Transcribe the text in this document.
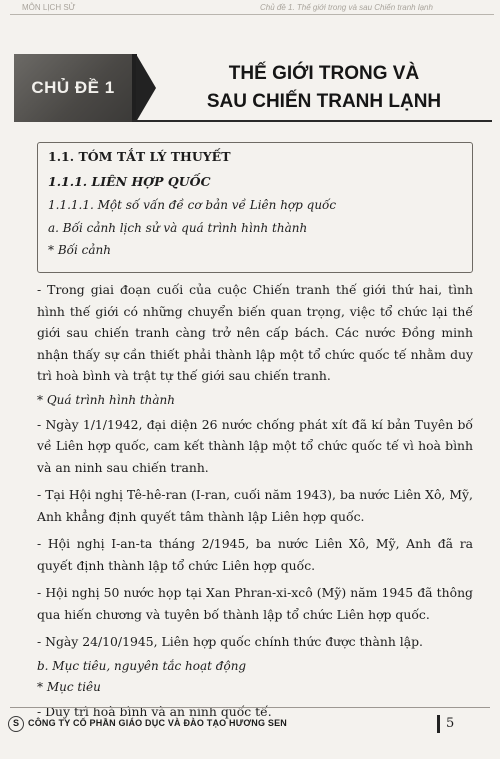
MÔN LỊCH SỬ	Chủ đề 1. Thế giới trong và sau Chiến tranh lạnh
CHỦ ĐỀ 1
THẾ GIỚI TRONG VÀ
SAU CHIẾN TRANH LẠNH
1.1. TÓM TẮT LÝ THUYẾT
1.1.1. LIÊN HỢP QUỐC
1.1.1.1. Một số vấn đề cơ bản về Liên hợp quốc
a. Bối cảnh lịch sử và quá trình hình thành
* Bối cảnh

- Trong giai đoạn cuối của cuộc Chiến tranh thế giới thứ hai, tình hình thế giới có những chuyển biến quan trọng, việc tổ chức lại thế giới sau chiến tranh càng trở nên cấp bách. Các nước Đồng minh nhận thấy sự cần thiết phải thành lập một tổ chức quốc tế nhằm duy trì hoà bình và trật tự thế giới sau chiến tranh.

* Quá trình hình thành

- Ngày 1/1/1942, đại diện 26 nước chống phát xít đã kí bản Tuyên bố về Liên hợp quốc, cam kết thành lập một tổ chức quốc tế vì hoà bình và an ninh sau chiến tranh.

- Tại Hội nghị Tê-hê-ran (I-ran, cuối năm 1943), ba nước Liên Xô, Mỹ, Anh khẳng định quyết tâm thành lập Liên hợp quốc.

- Hội nghị I-an-ta tháng 2/1945, ba nước Liên Xô, Mỹ, Anh đã ra quyết định thành lập tổ chức Liên hợp quốc.

- Hội nghị 50 nước họp tại Xan Phran-xi-xcô (Mỹ) năm 1945 đã thông qua hiến chương và tuyên bố thành lập tổ chức Liên hợp quốc.

- Ngày 24/10/1945, Liên hợp quốc chính thức được thành lập.

b. Mục tiêu, nguyên tắc hoạt động
* Mục tiêu

- Duy trì hoà bình và an ninh quốc tế.

S	CÔNG TY CỔ PHẦN GIÁO DỤC VÀ ĐÀO TẠO HƯƠNG SEN	5
